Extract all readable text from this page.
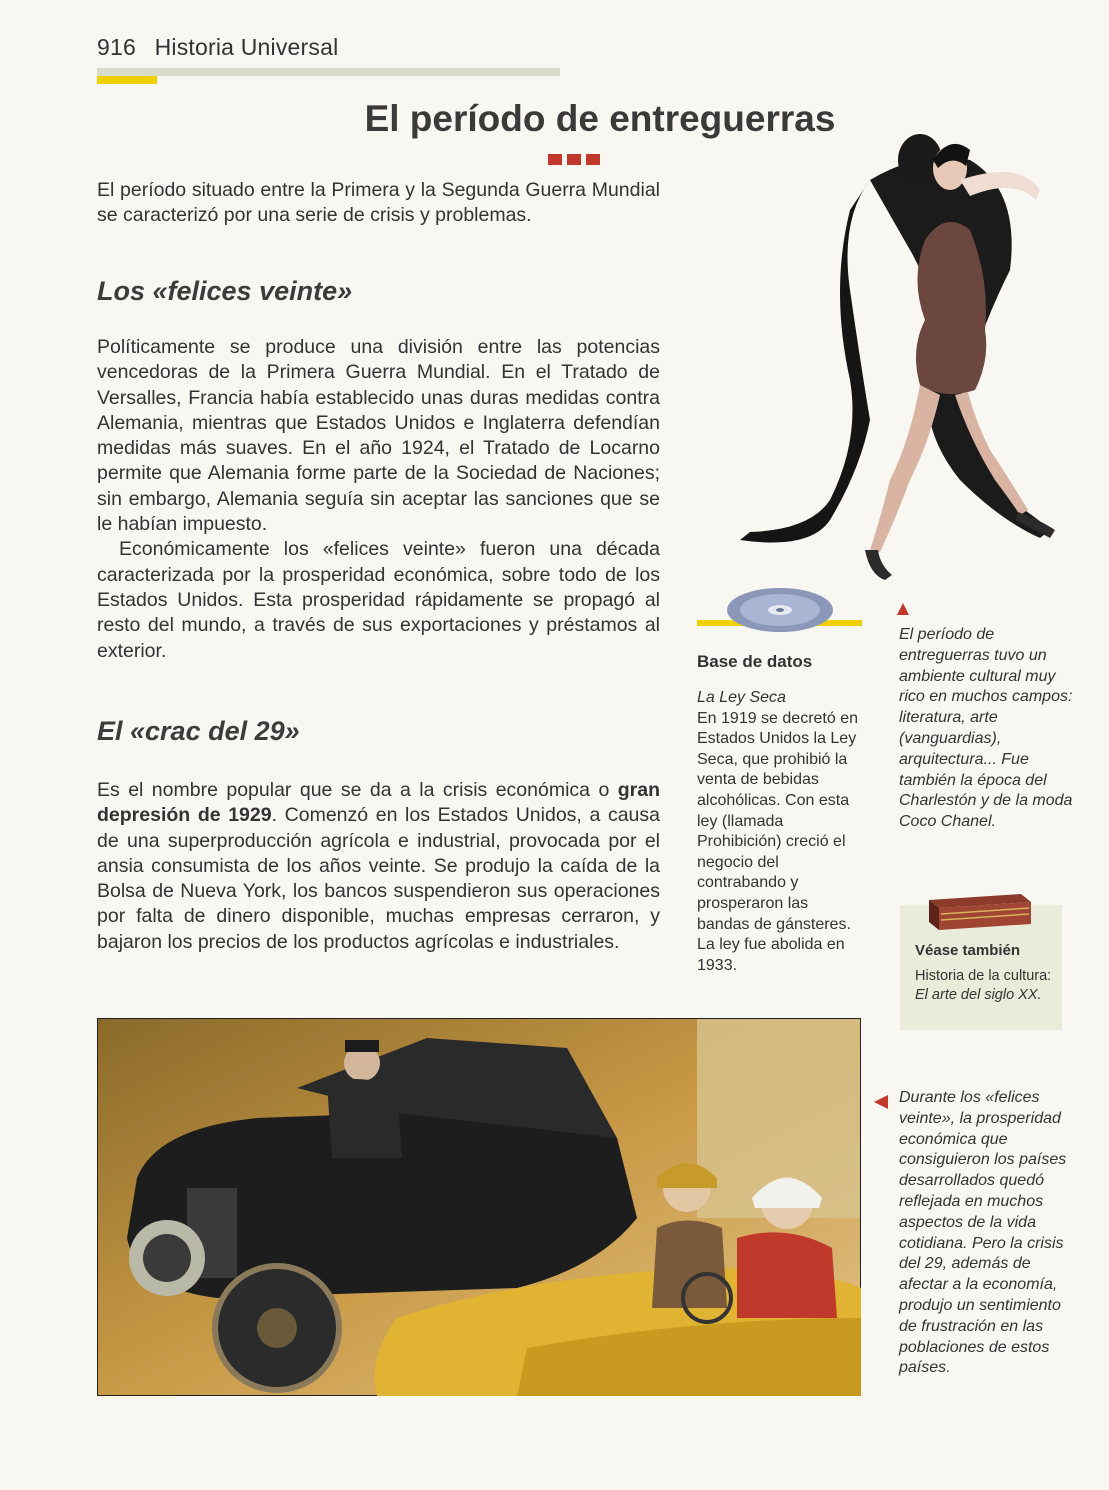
916 Historia Universal
El período de entreguerras
El período situado entre la Primera y la Segunda Guerra Mundial se caracterizó por una serie de crisis y problemas.
Los «felices veinte»

Políticamente se produce una división entre las potencias vencedoras de la Primera Guerra Mundial. En el Tratado de Versalles, Francia había establecido unas duras medidas contra Alemania, mientras que Estados Unidos e Inglaterra defendían medidas más suaves. En el año 1924, el Tratado de Locarno permite que Alemania forme parte de la Sociedad de Naciones; sin embargo, Alemania seguía sin aceptar las sanciones que se le habían impuesto.

Económicamente los «felices veinte» fueron una década caracterizada por la prosperidad económica, sobre todo de los Estados Unidos. Esta prosperidad rápidamente se propagó al resto del mundo, a través de sus exportaciones y préstamos al exterior.

El «crac del 29»

Es el nombre popular que se da a la crisis económica o gran depresión de 1929. Comenzó en los Estados Unidos, a causa de una superproducción agrícola e industrial, provocada por el ansia consumista de los años veinte. Se produjo la caída de la Bolsa de Nueva York, los bancos suspendieron sus operaciones por falta de dinero disponible, muchas empresas cerraron, y bajaron los precios de los productos agrícolas e industriales.

Base de datos
La Ley Seca
En 1919 se decretó en Estados Unidos la Ley Seca, que prohibió la venta de bebidas alcohólicas. Con esta ley (llamada Prohibición) creció el negocio del contrabando y prosperaron las bandas de gánsteres. La ley fue abolida en 1933.
El período de entreguerras tuvo un ambiente cultural muy rico en muchos campos: literatura, arte (vanguardias), arquitectura... Fue también la época del Charlestón y de la moda Coco Chanel.
Véase también
Historia de la cultura: El arte del siglo XX.
Durante los «felices veinte», la prosperidad económica que consiguieron los países desarrollados quedó reflejada en muchos aspectos de la vida cotidiana. Pero la crisis del 29, además de afectar a la economía, produjo un sentimiento de frustración en las poblaciones de estos países.
